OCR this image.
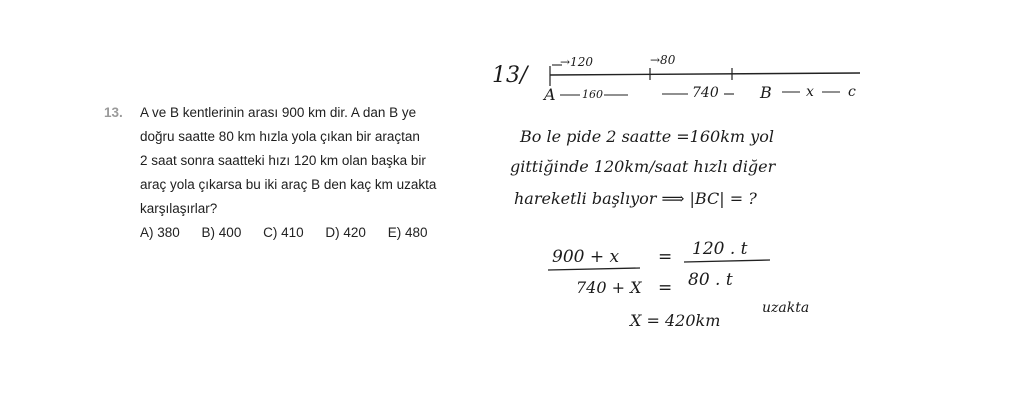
13. A ve B kentlerinin arası 900 km dir. A dan B ye
doğru saatte 80 km hızla yola çıkan bir araçtan
2 saat sonra saatteki hızı 120 km olan başka bir
araç yola çıkarsa bu iki araç B den kaç km uzakta
karşılaşırlar?
A) 380 B) 400 C) 410 D) 420 E) 480
13/
→120	→80
A 160	740	B x c
Bo le pide 2 saatte =160km yol
gittiğinde 120km/saat hızlı diğer
hareketli başlıyor ⟹ |BC| = ?
900 + x = 120 . t
740 + X = 80 . t
X = 420km
uzakta
